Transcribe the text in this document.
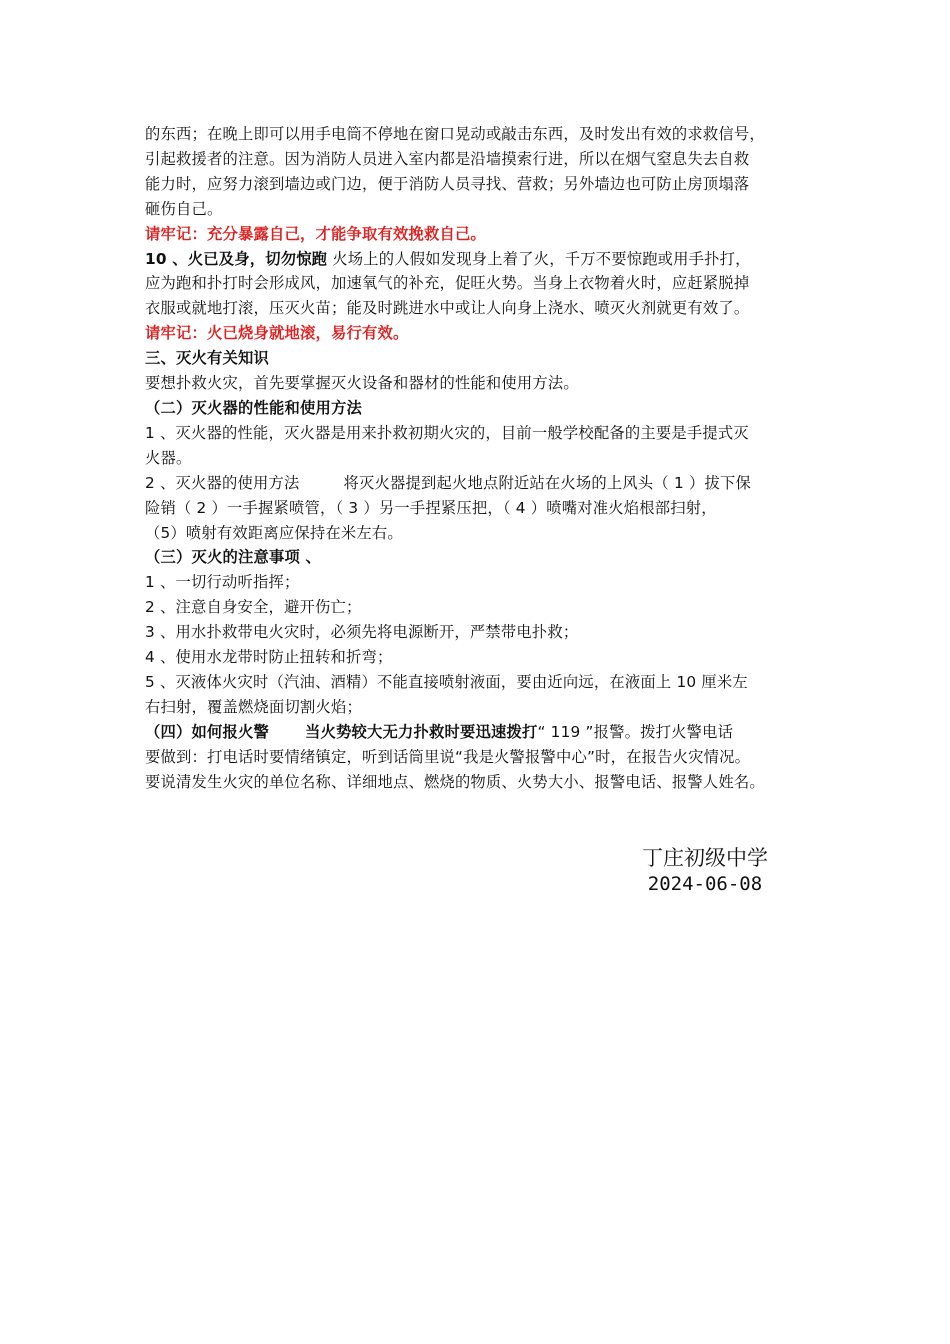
的东西；在晚上即可以用手电筒不停地在窗口晃动或敲击东西，及时发出有效的求救信号，
引起救援者的注意。因为消防人员进入室内都是沿墙摸索行进，所以在烟气窒息失去自救
能力时，应努力滚到墙边或门边，便于消防人员寻找、营救；另外墙边也可防止房顶塌落
砸伤自己。
请牢记：充分暴露自己，才能争取有效挽救自己。
10 、火已及身，切勿惊跑 火场上的人假如发现身上着了火，千万不要惊跑或用手扑打，
应为跑和扑打时会形成风，加速氧气的补充，促旺火势。当身上衣物着火时，应赶紧脱掉
衣服或就地打滚，压灭火苗；能及时跳进水中或让人向身上浇水、喷灭火剂就更有效了。
请牢记：火已烧身就地滚，易行有效。
三、灭火有关知识
要想扑救火灾，首先要掌握灭火设备和器材的性能和使用方法。
（二）灭火器的性能和使用方法
1 、灭火器的性能，灭火器是用来扑救初期火灾的，目前一般学校配备的主要是手提式灭
火器。
2 、灭火器的使用方法	将灭火器提到起火地点附近站在火场的上风头（ 1 ）拔下保
险销（ 2 ）一手握紧喷管，（ 3 ）另一手捏紧压把，（ 4 ）喷嘴对准火焰根部扫射，
（5）喷射有效距离应保持在米左右。
（三）灭火的注意事项 、
1 、一切行动听指挥；
2 、注意自身安全，避开伤亡；
3 、用水扑救带电火灾时，必须先将电源断开，严禁带电扑救；
4 、使用水龙带时防止扭转和折弯；
5 、灭液体火灾时（汽油、酒精）不能直接喷射液面，要由近向远，在液面上 10 厘米左
右扫射，覆盖燃烧面切割火焰；
（四）如何报火警 当火势较大无力扑救时要迅速拨打“ 119 ”报警。拨打火警电话
要做到：打电话时要情绪镇定，听到话筒里说“我是火警报警中心”时，在报告火灾情况。
要说清发生火灾的单位名称、详细地点、燃烧的物质、火势大小、报警电话、报警人姓名。
丁庄初级中学
2024-06-08
